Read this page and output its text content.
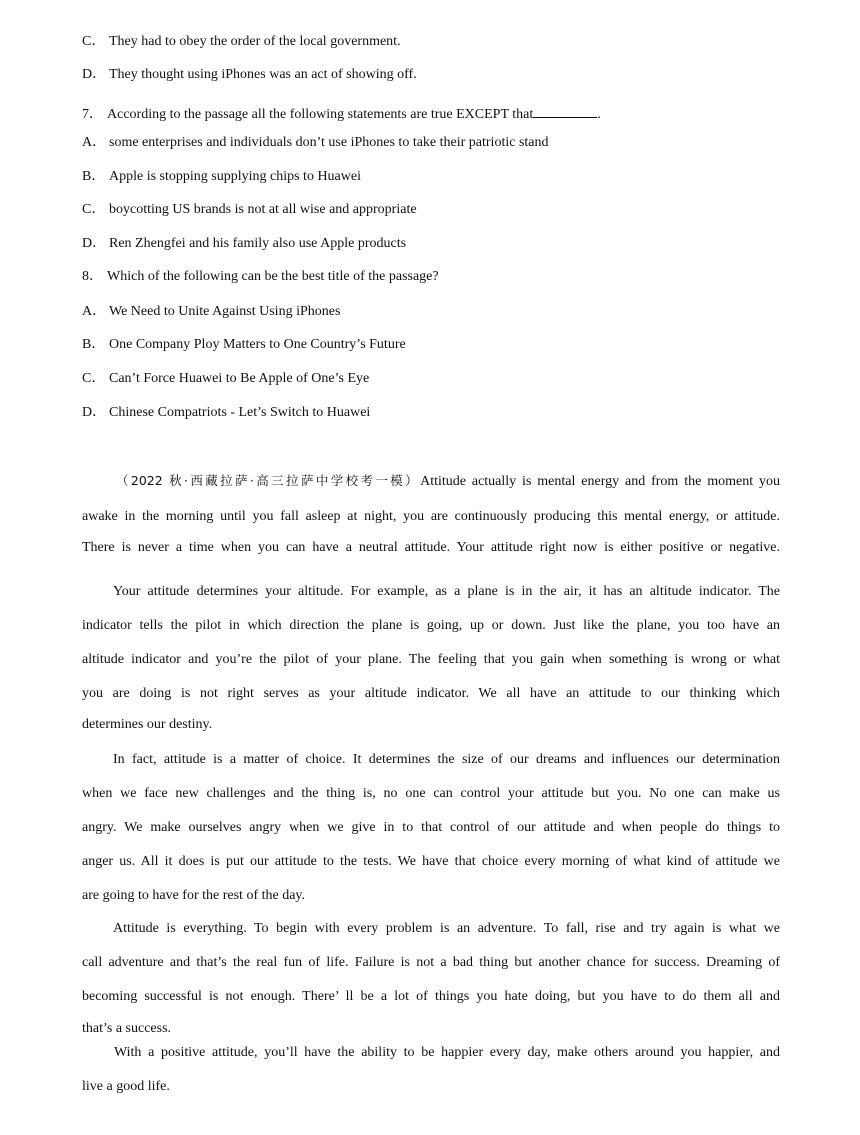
C． They had to obey the order of the local government.
D． They thought using iPhones was an act of showing off.
7． According to the passage all the following statements are true EXCEPT that	.
A． some enterprises and individuals don’t use iPhones to take their patriotic stand
B． Apple is stopping supplying chips to Huawei
C． boycotting US brands is not at all wise and appropriate
D． Ren Zhengfei and his family also use Apple products
8． Which of the following can be the best title of the passage?
A． We Need to Unite Against Using iPhones
B． One Company Ploy Matters to One Country’s Future
C． Can’t Force Huawei to Be Apple of One’s Eye
D． Chinese Compatriots - Let’s Switch to Huawei

（2022 秋·西藏拉萨·高三拉萨中学校考一模）Attitude actually is mental energy and from the moment you

awake in the morning until you fall asleep at night, you are continuously producing this mental energy, or attitude.

There is never a time when you can have a neutral attitude. Your attitude right now is either positive or negative.

Your attitude determines your altitude. For example, as a plane is in the air, it has an altitude indicator. The

indicator tells the pilot in which direction the plane is going, up or down. Just like the plane, you too have an

altitude indicator and you’re the pilot of your plane. The feeling that you gain when something is wrong or what

you are doing is not right serves as your altitude indicator. We all have an attitude to our thinking which

determines our destiny.

In fact, attitude is a matter of choice. It determines the size of our dreams and influences our determination

when we face new challenges and the thing is, no one can control your attitude but you. No one can make us

angry. We make ourselves angry when we give in to that control of our attitude and when people do things to

anger us. All it does is put our attitude to the tests. We have that choice every morning of what kind of attitude we

are going to have for the rest of the day.

Attitude is everything. To begin with every problem is an adventure. To fall, rise and try again is what we

call adventure and that’s the real fun of life. Failure is not a bad thing but another chance for success. Dreaming of

becoming successful is not enough. There’ ll be a lot of things you hate doing, but you have to do them all and

that’s a success.

With a positive attitude, you’ll have the ability to be happier every day, make others around you happier, and

live a good life.
